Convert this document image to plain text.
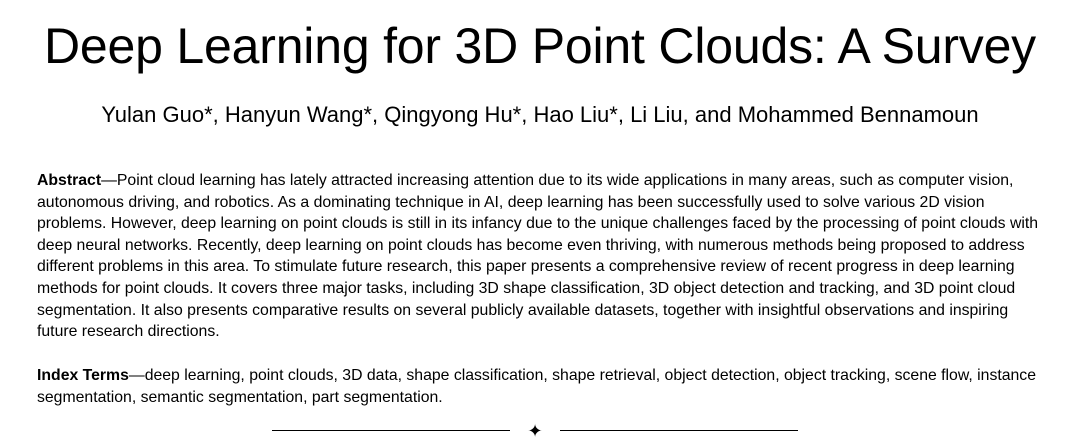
Deep Learning for 3D Point Clouds: A Survey
Yulan Guo*, Hanyun Wang*, Qingyong Hu*, Hao Liu*, Li Liu, and Mohammed Bennamoun
Abstract—Point cloud learning has lately attracted increasing attention due to its wide applications in many areas, such as computer vision, autonomous driving, and robotics. As a dominating technique in AI, deep learning has been successfully used to solve various 2D vision problems. However, deep learning on point clouds is still in its infancy due to the unique challenges faced by the processing of point clouds with deep neural networks. Recently, deep learning on point clouds has become even thriving, with numerous methods being proposed to address different problems in this area. To stimulate future research, this paper presents a comprehensive review of recent progress in deep learning methods for point clouds. It covers three major tasks, including 3D shape classification, 3D object detection and tracking, and 3D point cloud segmentation. It also presents comparative results on several publicly available datasets, together with insightful observations and inspiring future research directions.
Index Terms—deep learning, point clouds, 3D data, shape classification, shape retrieval, object detection, object tracking, scene flow, instance segmentation, semantic segmentation, part segmentation.
✦
